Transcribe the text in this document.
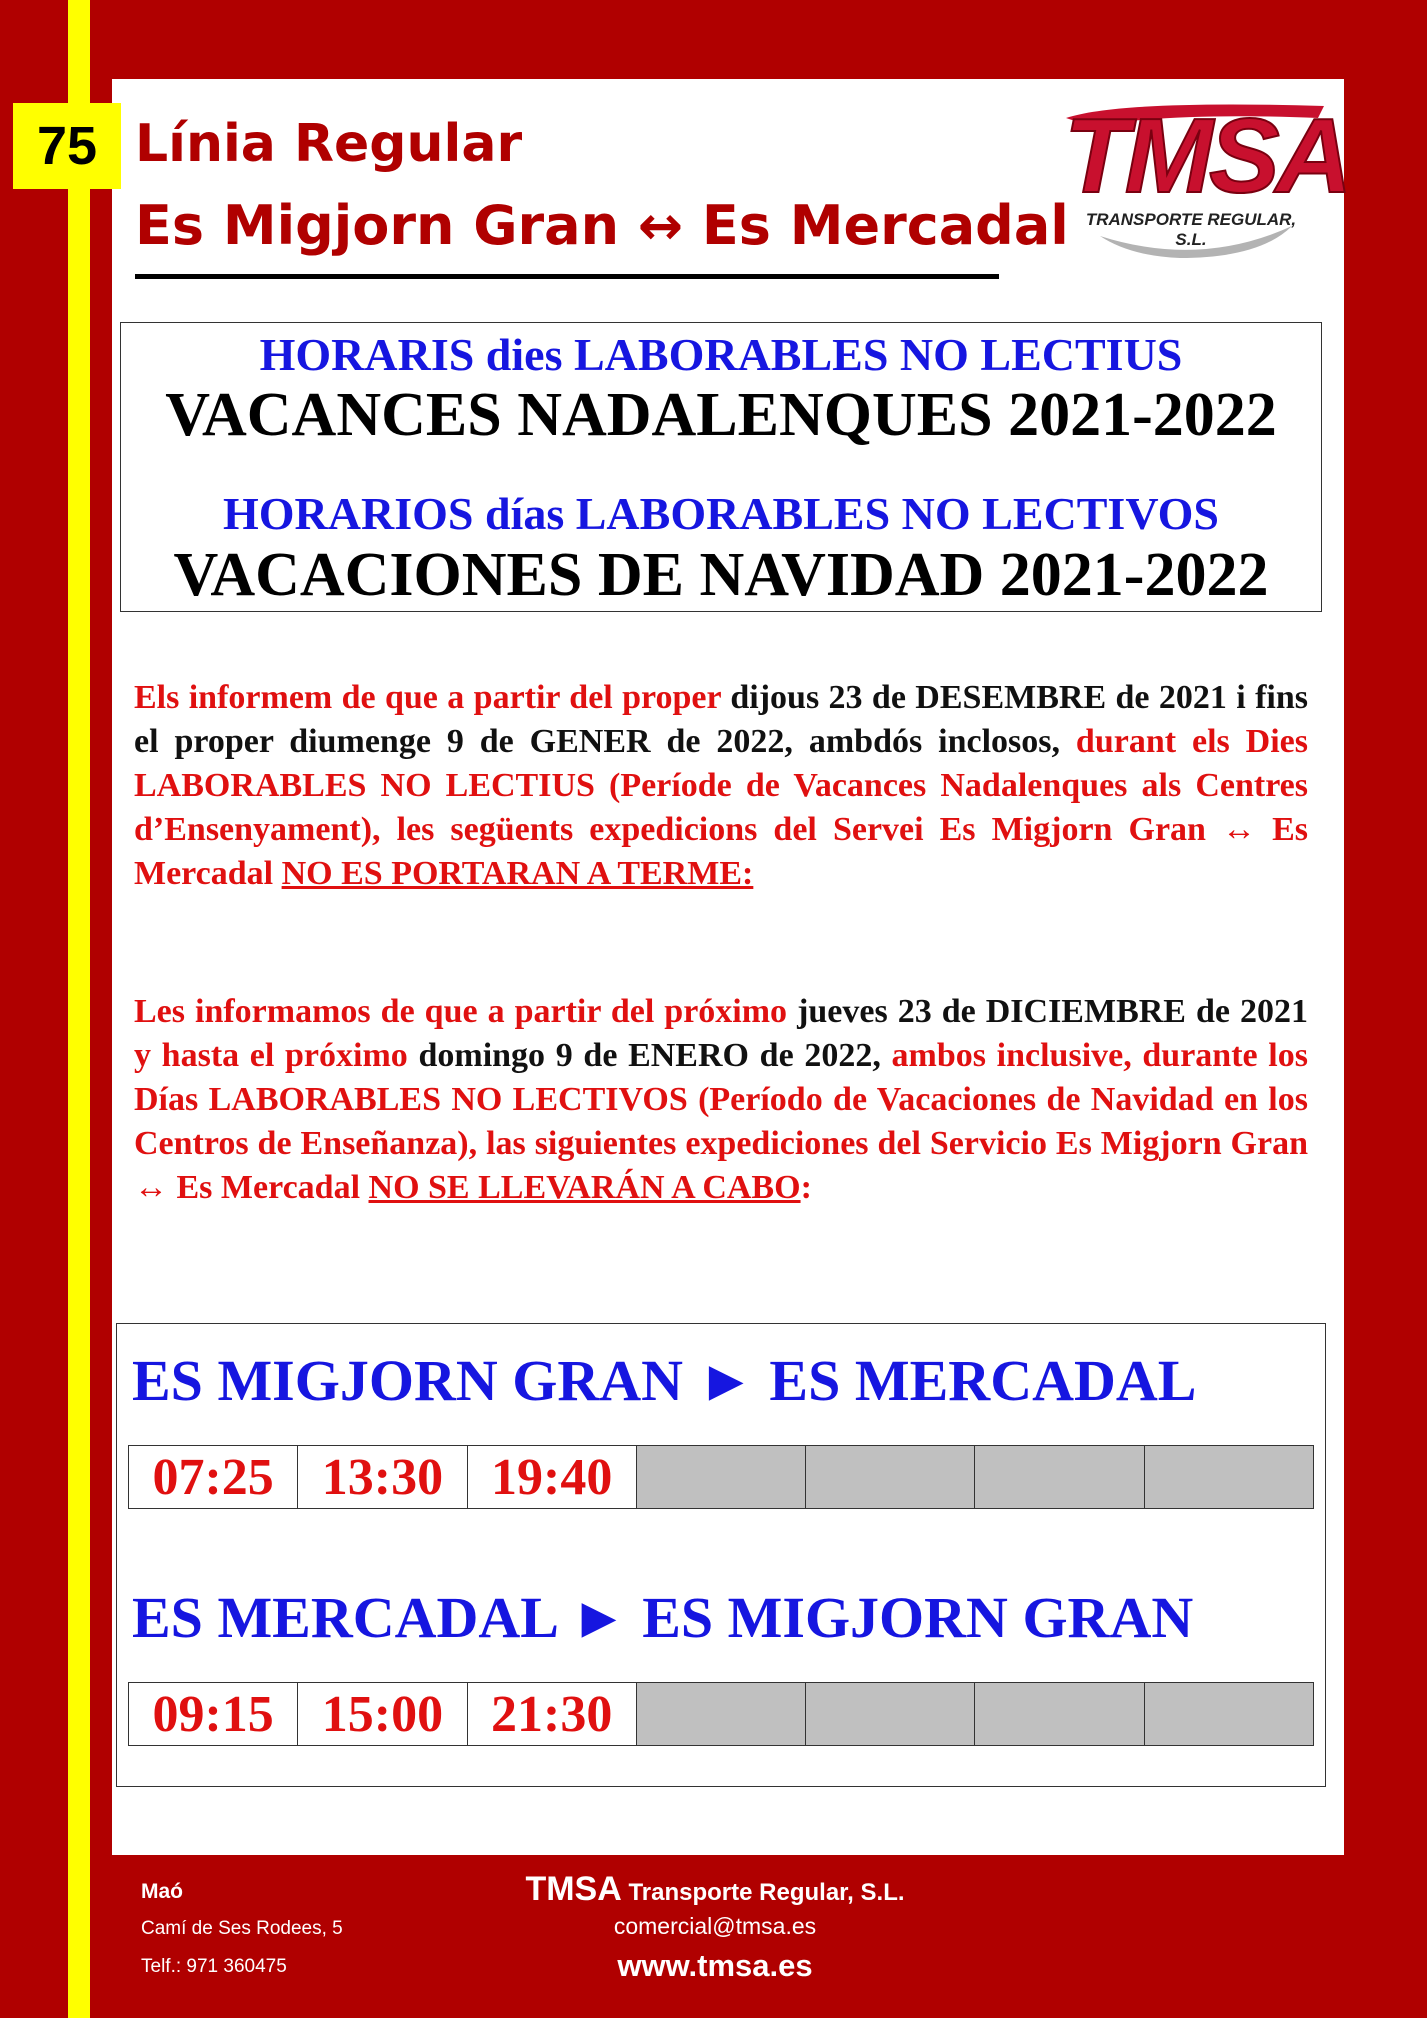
75 Línia Regular
Es Migjorn Gran ↔ Es Mercadal
TMSA
TRANSPORTE REGULAR, S.L.
HORARIS dies LABORABLES NO LECTIUS
VACANCES NADALENQUES 2021-2022
HORARIOS días LABORABLES NO LECTIVOS
VACACIONES DE NAVIDAD 2021-2022
Els informem de que a partir del proper dijous 23 de DESEMBRE de 2021 i fins el proper diumenge 9 de GENER de 2022, ambdós inclosos, durant els Dies LABORABLES NO LECTIUS (Període de Vacances Nadalenques als Centres d’Ensenyament), les següents expedicions del Servei Es Migjorn Gran ↔ Es Mercadal NO ES PORTARAN A TERME:
Les informamos de que a partir del próximo jueves 23 de DICIEMBRE de 2021 y hasta el próximo domingo 9 de ENERO de 2022, ambos inclusive, durante los Días LABORABLES NO LECTIVOS (Período de Vacaciones de Navidad en los Centros de Enseñanza), las siguientes expediciones del Servicio Es Migjorn Gran ↔ Es Mercadal NO SE LLEVARÁN A CABO:
ES MIGJORN GRAN ► ES MERCADAL
07:25 13:30 19:40
ES MERCADAL ► ES MIGJORN GRAN
09:15 15:00 21:30
Maó
Camí de Ses Rodees, 5
Telf.: 971 360475
TMSA Transporte Regular, S.L.
comercial@tmsa.es
www.tmsa.es
